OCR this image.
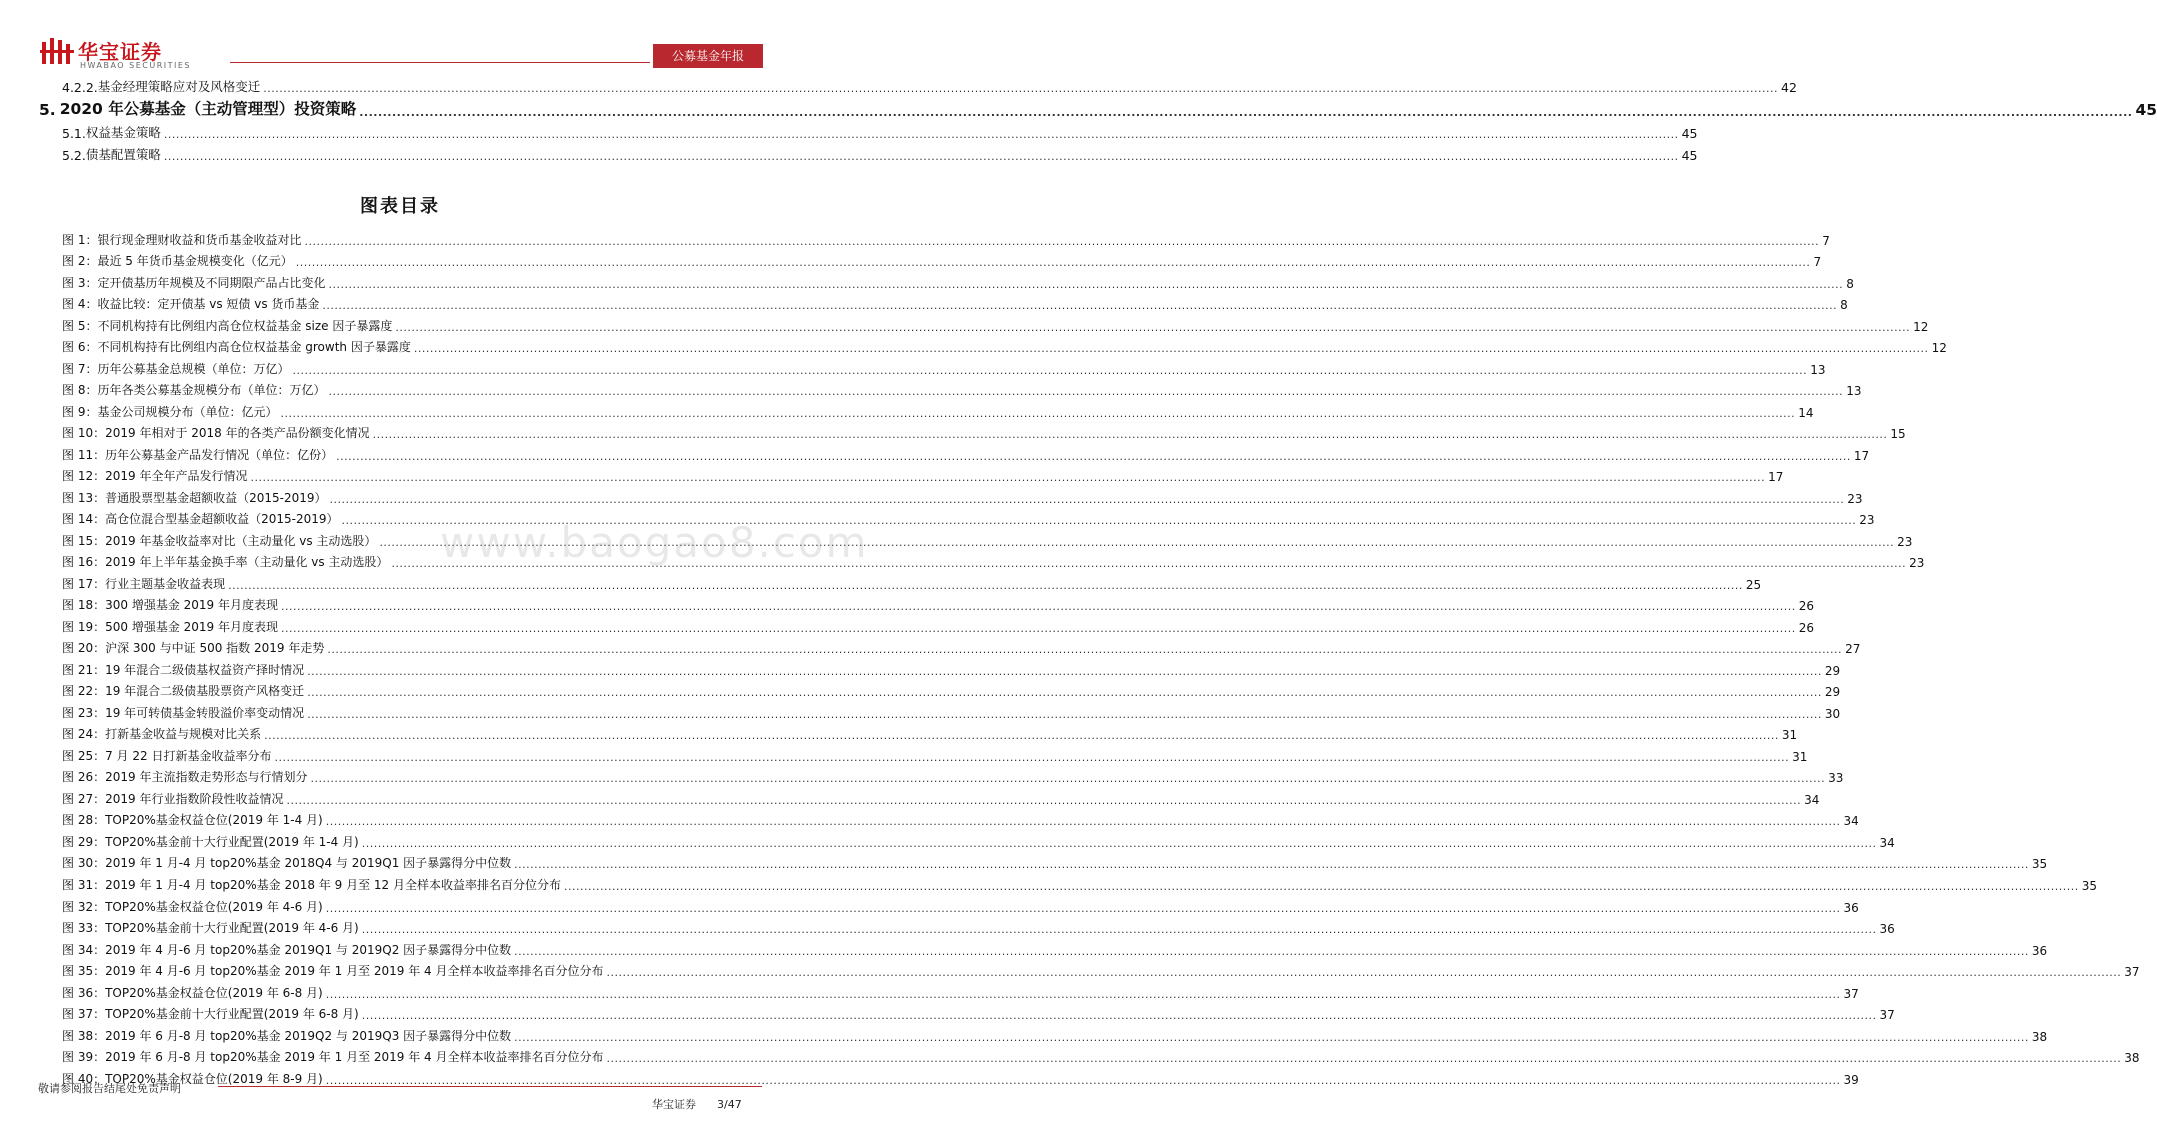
华宝证券
HWABAO SECURITIES
公募基金年报
4.2.2. 基金经理策略应对及风格变迁 .....	42
5. 2020 年公募基金（主动管理型）投资策略 .....	45
5.1. 权益基金策略 .....	45
5.2. 债基配置策略 .....	45
图表目录
图 1： 银行现金理财收益和货币基金收益对比 .....	7
图 2： 最近 5 年货币基金规模变化（亿元） .....	7
图 3： 定开债基历年规模及不同期限产品占比变化 .....	8
图 4： 收益比较：定开债基 vs 短债 vs 货币基金 .....	8
图 5： 不同机构持有比例组内高仓位权益基金 size 因子暴露度 .....	12
图 6： 不同机构持有比例组内高仓位权益基金 growth 因子暴露度 .....	12
图 7： 历年公募基金总规模（单位：万亿） .....	13
图 8： 历年各类公募基金规模分布（单位：万亿） .....	13
图 9： 基金公司规模分布（单位：亿元） .....	14
图 10： 2019 年相对于 2018 年的各类产品份额变化情况 .....	15
图 11： 历年公募基金产品发行情况（单位：亿份） .....	17
图 12： 2019 年全年产品发行情况 .....	17
图 13： 普通股票型基金超额收益（2015-2019） .....	23
图 14： 高仓位混合型基金超额收益（2015-2019） .....	23
图 15： 2019 年基金收益率对比（主动量化 vs 主动选股） .....	23
图 16： 2019 年上半年基金换手率（主动量化 vs 主动选股） .....	23
图 17： 行业主题基金收益表现 .....	25
图 18： 300 增强基金 2019 年月度表现 .....	26
图 19： 500 增强基金 2019 年月度表现 .....	26
图 20： 沪深 300 与中证 500 指数 2019 年走势 .....	27
图 21： 19 年混合二级债基权益资产择时情况 .....	29
图 22： 19 年混合二级债基股票资产风格变迁 .....	29
图 23： 19 年可转债基金转股溢价率变动情况 .....	30
图 24： 打新基金收益与规模对比关系 .....	31
图 25： 7 月 22 日打新基金收益率分布 .....	31
图 26： 2019 年主流指数走势形态与行情划分 .....	33
图 27： 2019 年行业指数阶段性收益情况 .....	34
图 28： TOP20%基金权益仓位(2019 年 1-4 月) .....	34
图 29： TOP20%基金前十大行业配置(2019 年 1-4 月) .....	34
图 30： 2019 年 1 月-4 月 top20%基金 2018Q4 与 2019Q1 因子暴露得分中位数 .....	35
图 31： 2019 年 1 月-4 月 top20%基金 2018 年 9 月至 12 月全样本收益率排名百分位分布 .....	35
图 32： TOP20%基金权益仓位(2019 年 4-6 月) .....	36
图 33： TOP20%基金前十大行业配置(2019 年 4-6 月) .....	36
图 34： 2019 年 4 月-6 月 top20%基金 2019Q1 与 2019Q2 因子暴露得分中位数 .....	36
图 35： 2019 年 4 月-6 月 top20%基金 2019 年 1 月至 2019 年 4 月全样本收益率排名百分位分布 .....	37
图 36： TOP20%基金权益仓位(2019 年 6-8 月) .....	37
图 37： TOP20%基金前十大行业配置(2019 年 6-8 月) .....	37
图 38： 2019 年 6 月-8 月 top20%基金 2019Q2 与 2019Q3 因子暴露得分中位数 .....	38
图 39： 2019 年 6 月-8 月 top20%基金 2019 年 1 月至 2019 年 4 月全样本收益率排名百分位分布 .....	38
图 40： TOP20%基金权益仓位(2019 年 8-9 月) .....	39
www.baogao8.com
敬请参阅报告结尾处免责声明
华宝证券 3/47
